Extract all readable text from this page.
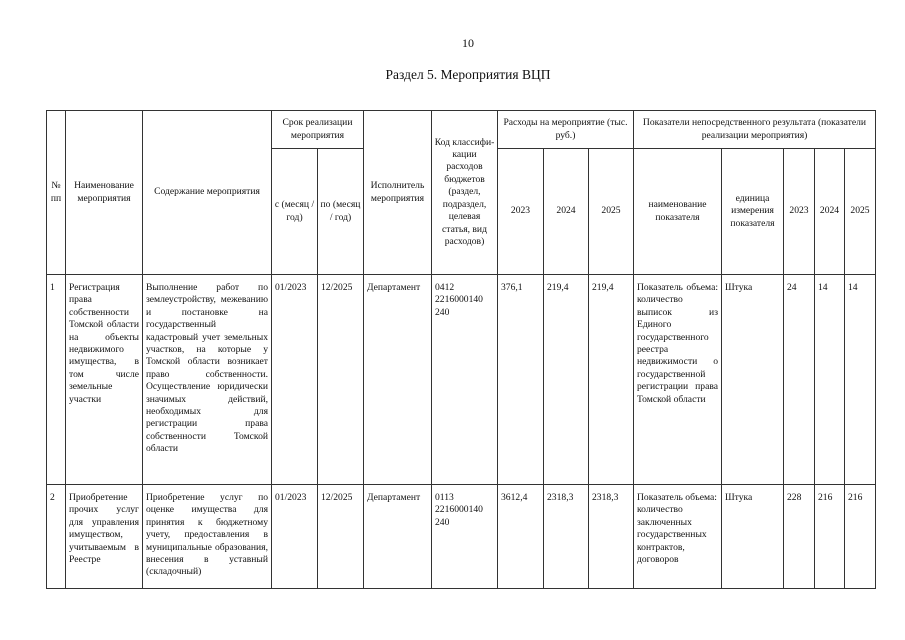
10
Раздел 5. Мероприятия ВЦП
№ пп	Наименование мероприятия	Содержание мероприятия	Срок реализации мероприятия		Исполнитель мероприятия	Код классифи-кации расходов бюджетов (раздел, подраздел, целевая статья, вид расходов)	Расходы на мероприятие (тыс. руб.)			Показатели непосредственного результата (показатели реализации мероприятия)				
			с (месяц / год)	по (месяц / год)			2023	2024	2025	наименование показателя	единица измерения показателя	2023	2024	2025
1	Регистрация права собственности Томской области на объекты недвижимого имущества, в том числе земельные участки	Выполнение работ по землеустройству, межеванию и постановке на государственный кадастровый учет земельных участков, на которые у Томской области возникает право собственности. Осуществление юридически значимых действий, необходимых для регистрации права собственности Томской области	01/2023	12/2025	Департамент	0412 2216000140 240	376,1	219,4	219,4	Показатель объема: количество выписок из Единого государственного реестра недвижимости о государственной регистрации права Томской области	Штука	24	14	14
2	Приобретение прочих услуг для управления имуществом, учитываемым в Реестре	Приобретение услуг по оценке имущества для принятия к бюджетному учету, предоставления в муниципальные образования, внесения в уставный (складочный)	01/2023	12/2025	Департамент	0113 2216000140 240	3612,4	2318,3	2318,3	Показатель объема: количество заключенных государственных контрактов, договоров	Штука	228	216	216
